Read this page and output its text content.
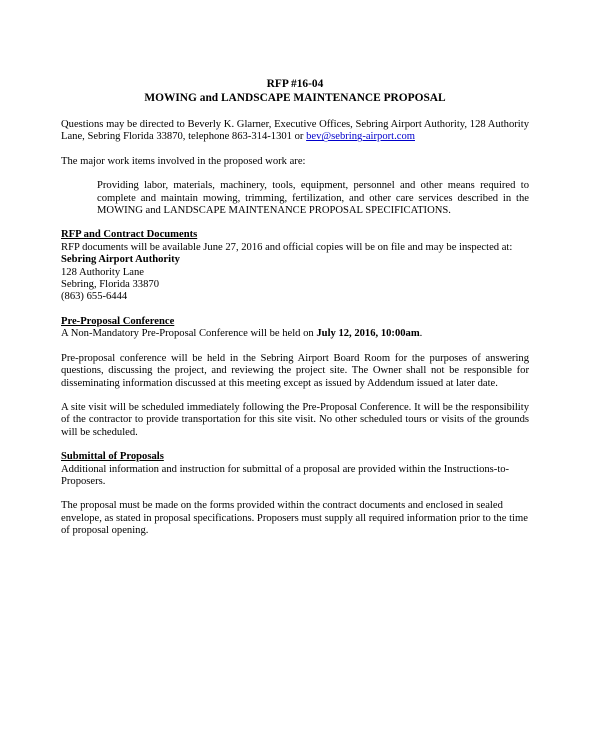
RFP #16-04

MOWING and LANDSCAPE MAINTENANCE PROPOSAL

Questions may be directed to Beverly K. Glarner, Executive Offices, Sebring Airport Authority, 128 Authority Lane, Sebring Florida 33870, telephone 863-314-1301 or bev@sebring-airport.com

The major work items involved in the proposed work are:

Providing labor, materials, machinery, tools, equipment, personnel and other means required to complete and maintain mowing, trimming, fertilization, and other care services described in the MOWING and LANDSCAPE MAINTENANCE PROPOSAL SPECIFICATIONS.

RFP and Contract Documents

RFP documents will be available June 27, 2016 and official copies will be on file and may be inspected at:

Sebring Airport Authority

128 Authority Lane

Sebring, Florida 33870

(863) 655-6444

Pre-Proposal Conference

A Non-Mandatory Pre-Proposal Conference will be held on July 12, 2016, 10:00am.

Pre-proposal conference will be held in the Sebring Airport Board Room for the purposes of answering questions, discussing the project, and reviewing the project site. The Owner shall not be responsible for disseminating information discussed at this meeting except as issued by Addendum issued at later date.

A site visit will be scheduled immediately following the Pre-Proposal Conference. It will be the responsibility of the contractor to provide transportation for this site visit. No other scheduled tours or visits of the grounds will be scheduled.

Submittal of Proposals

Additional information and instruction for submittal of a proposal are provided within the Instructions-to-Proposers.

The proposal must be made on the forms provided within the contract documents and enclosed in sealed envelope, as stated in proposal specifications. Proposers must supply all required information prior to the time of proposal opening.
